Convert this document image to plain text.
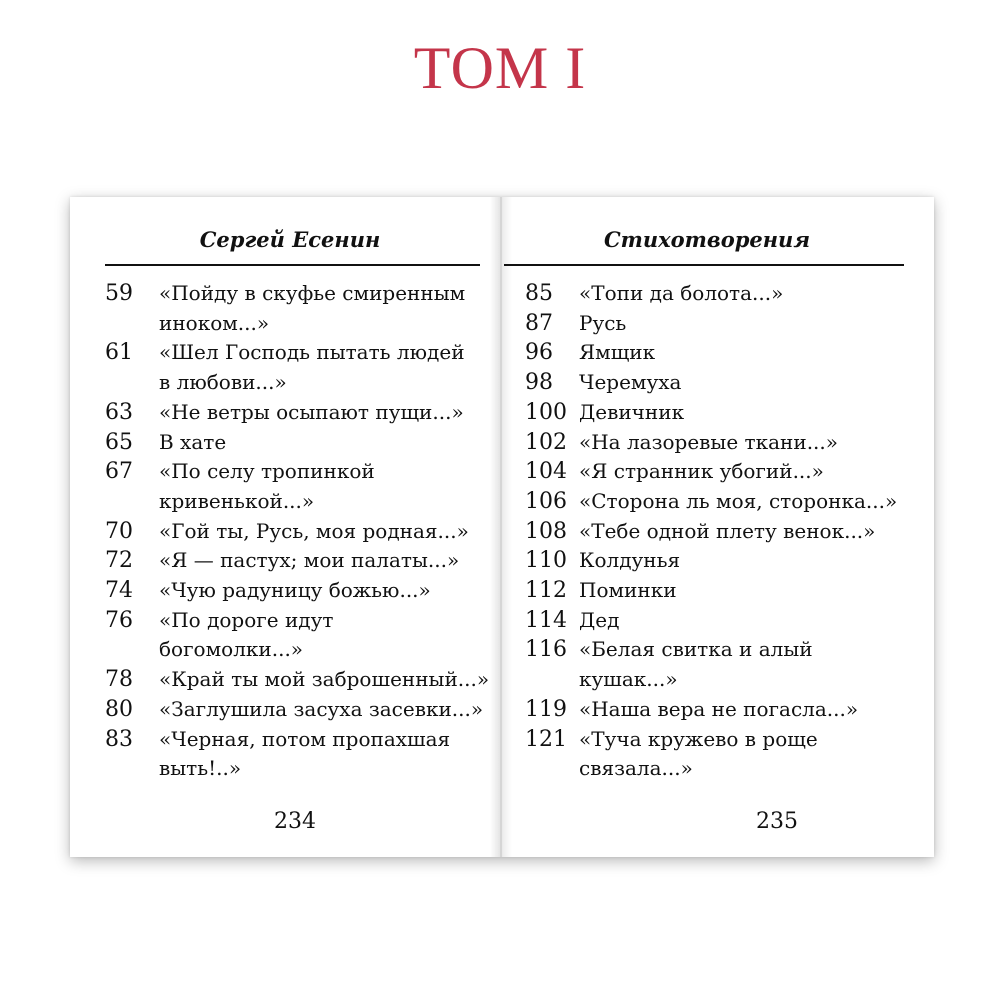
ТОМ I
Сергей Есенин
59	«Пойду в скуфье смиренным
иноком...»
61	«Шел Господь пытать людей
в любови...»
63	«Не ветры осыпают пущи...»
65	В хате
67	«По селу тропинкой
кривенькой...»
70	«Гой ты, Русь, моя родная...»
72	«Я — пастух; мои палаты...»
74	«Чую радуницу божью...»
76	«По дороге идут
богомолки...»
78	«Край ты мой заброшенный...»
80	«Заглушила засуха засевки...»
83	«Черная, потом пропахшая
выть!..»
234
Стихотворения
85	«Топи да болота...»
87	Русь
96	Ямщик
98	Черемуха
100 Девичник
102 «На лазоревые ткани...»
104 «Я странник убогий...»
106 «Сторона ль моя, сторонка...»
108 «Тебе одной плету венок...»
110 Колдунья
112 Поминки
114 Дед
116 «Белая свитка и алый
кушак...»
119 «Наша вера не погасла...»
121 «Туча кружево в роще
связала...»
235
